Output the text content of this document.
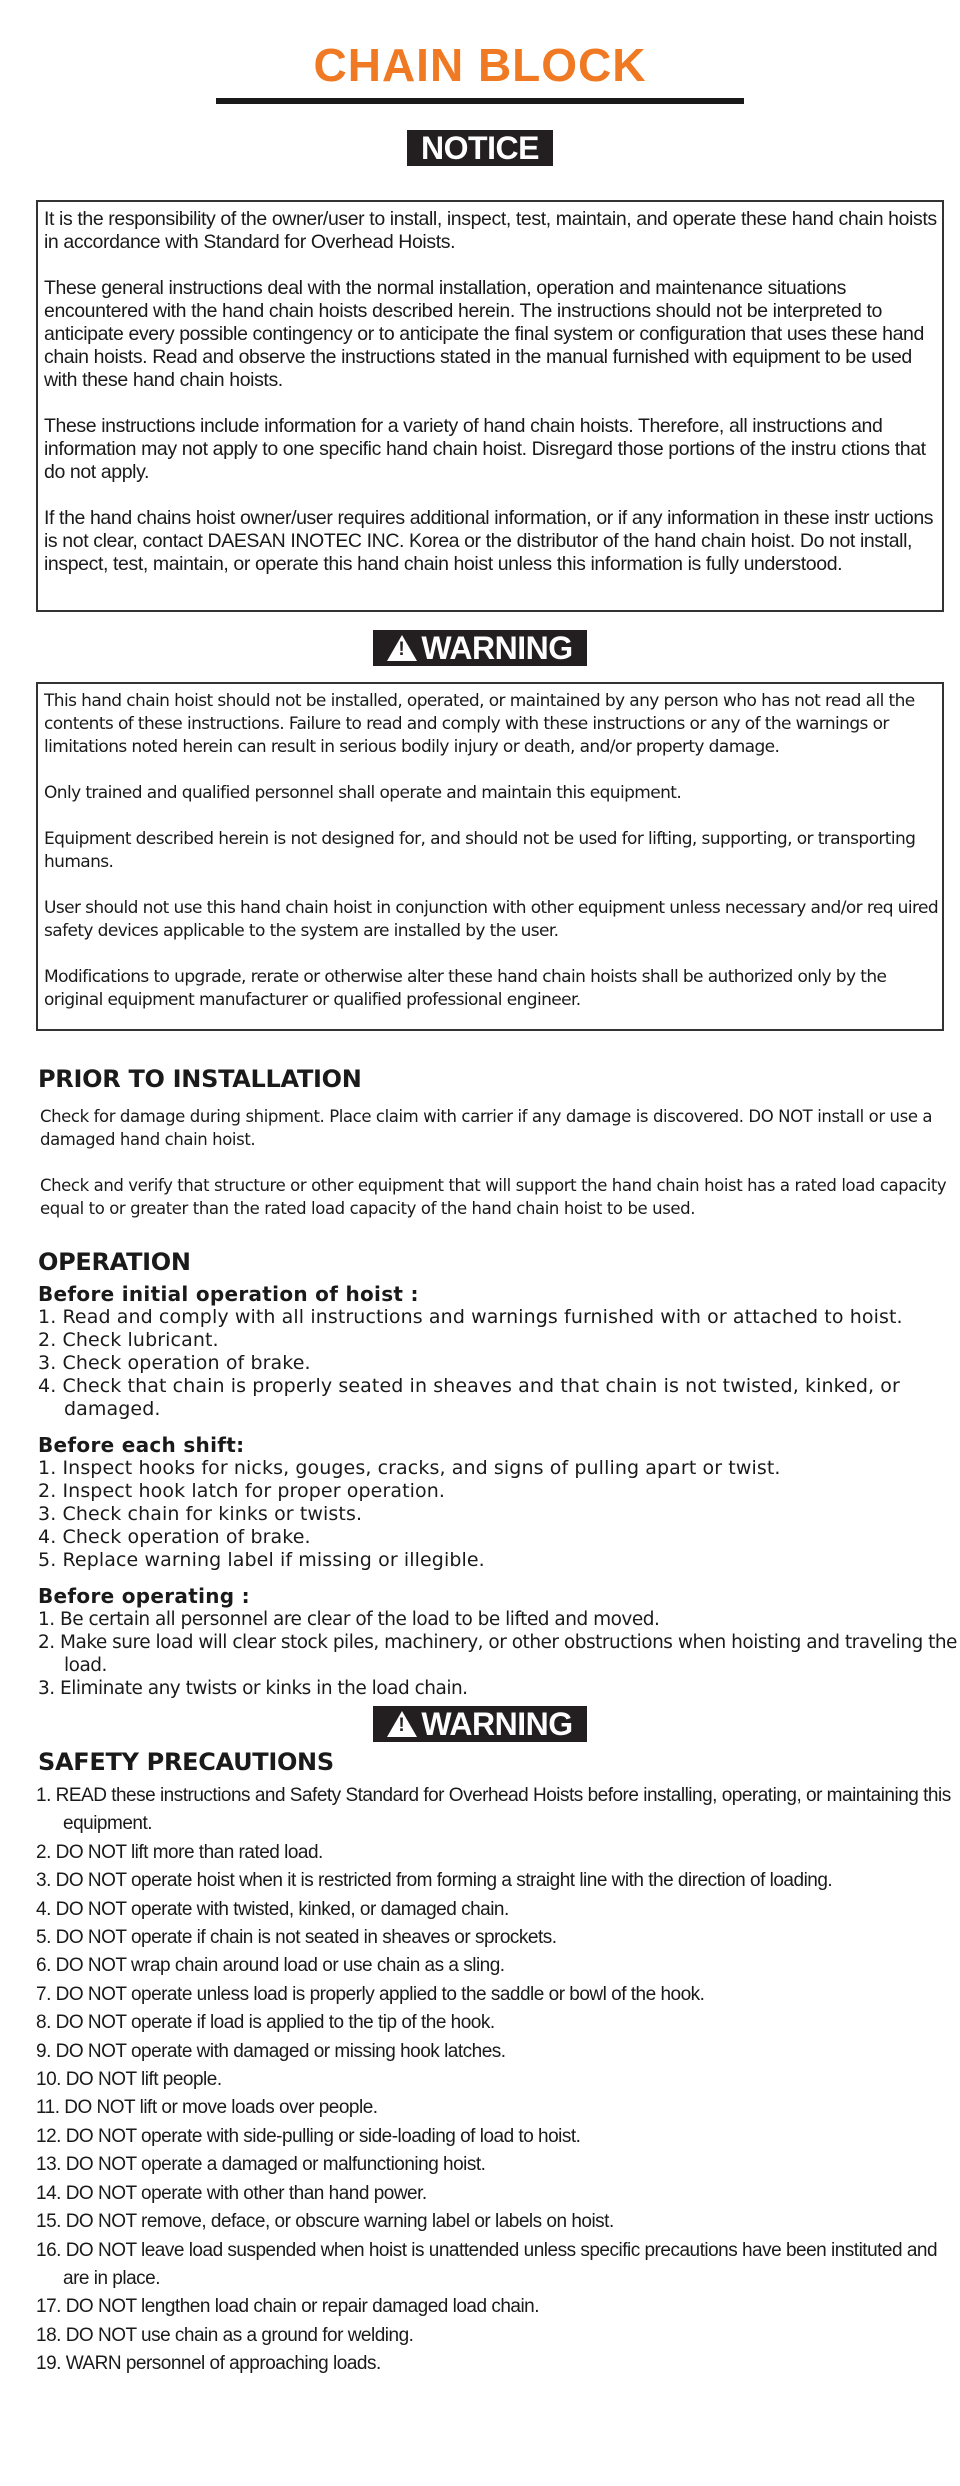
CHAIN BLOCK
NOTICE

It is the responsibility of the owner/user to install, inspect, test, maintain, and operate these hand chain hoists in accordance with Standard for Overhead Hoists.

These general instructions deal with the normal installation, operation and maintenance situations encountered with the hand chain hoists described herein. The instructions should not be interpreted to anticipate every possible contingency or to anticipate the final system or configuration that uses these hand chain hoists. Read and observe the instructions stated in the manual furnished with equipment to be used with these hand chain hoists.

These instructions include information for a variety of hand chain hoists. Therefore, all instructions and information may not apply to one specific hand chain hoist. Disregard those portions of the instru ctions that do not apply.

If the hand chains hoist owner/user requires additional information, or if any information in these instr uctions is not clear, contact DAESAN INOTEC INC. Korea or the distributor of the hand chain hoist. Do not install, inspect, test, maintain, or operate this hand chain hoist unless this information is fully understood.

!WARNING

This hand chain hoist should not be installed, operated, or maintained by any person who has not read all the contents of these instructions. Failure to read and comply with these instructions or any of the warnings or limitations noted herein can result in serious bodily injury or death, and/or property damage.

Only trained and qualified personnel shall operate and maintain this equipment.

Equipment described herein is not designed for, and should not be used for lifting, supporting, or transporting humans.

User should not use this hand chain hoist in conjunction with other equipment unless necessary and/or req uired safety devices applicable to the system are installed by the user.

Modifications to upgrade, rerate or otherwise alter these hand chain hoists shall be authorized only by the original equipment manufacturer or qualified professional engineer.

PRIOR TO INSTALLATION

Check for damage during shipment. Place claim with carrier if any damage is discovered. DO NOT install or use a damaged hand chain hoist.

Check and verify that structure or other equipment that will support the hand chain hoist has a rated load capacity equal to or greater than the rated load capacity of the hand chain hoist to be used.

OPERATION
Before initial operation of hoist :
1. Read and comply with all instructions and warnings furnished with or attached to hoist.
2. Check lubricant.
3. Check operation of brake.
4. Check that chain is properly seated in sheaves and that chain is not twisted, kinked, or damaged.
Before each shift:
1. Inspect hooks for nicks, gouges, cracks, and signs of pulling apart or twist.
2. Inspect hook latch for proper operation.
3. Check chain for kinks or twists.
4. Check operation of brake.
5. Replace warning label if missing or illegible.
Before operating :
1. Be certain all personnel are clear of the load to be lifted and moved.
2. Make sure load will clear stock piles, machinery, or other obstructions when hoisting and traveling the load.
3. Eliminate any twists or kinks in the load chain.
!WARNING
SAFETY PRECAUTIONS
1. READ these instructions and Safety Standard for Overhead Hoists before installing, operating, or maintaining this equipment.
2. DO NOT lift more than rated load.
3. DO NOT operate hoist when it is restricted from forming a straight line with the direction of loading.
4. DO NOT operate with twisted, kinked, or damaged chain.
5. DO NOT operate if chain is not seated in sheaves or sprockets.
6. DO NOT wrap chain around load or use chain as a sling.
7. DO NOT operate unless load is properly applied to the saddle or bowl of the hook.
8. DO NOT operate if load is applied to the tip of the hook.
9. DO NOT operate with damaged or missing hook latches.
10. DO NOT lift people.
11. DO NOT lift or move loads over people.
12. DO NOT operate with side-pulling or side-loading of load to hoist.
13. DO NOT operate a damaged or malfunctioning hoist.
14. DO NOT operate with other than hand power.
15. DO NOT remove, deface, or obscure warning label or labels on hoist.
16. DO NOT leave load suspended when hoist is unattended unless specific precautions have been instituted and are in place.
17. DO NOT lengthen load chain or repair damaged load chain.
18. DO NOT use chain as a ground for welding.
19. WARN personnel of approaching loads.
